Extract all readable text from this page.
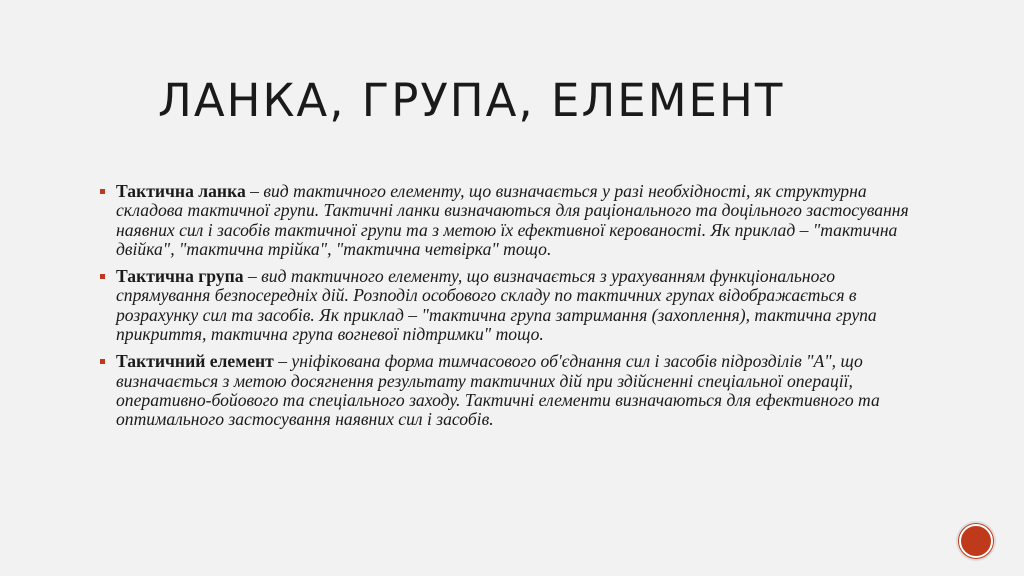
ЛАНКА, ГРУПА, ЕЛЕМЕНТ
Тактична ланка – вид тактичного елементу, що визначається у разі необхідності, як структурна складова тактичної групи. Тактичні ланки визначаються для раціонального та доцільного застосування наявних сил і засобів тактичної групи та з метою їх ефективної керованості. Як приклад – "тактична двійка", "тактична трійка", "тактична четвірка" тощо.
Тактична група – вид тактичного елементу, що визначається з урахуванням функціонального спрямування безпосередніх дій. Розподіл особового складу по тактичних групах відображається в розрахунку сил та засобів. Як приклад – "тактична група затримання (захоплення), тактична група прикриття, тактична група вогневої підтримки" тощо.
Тактичний елемент – уніфікована форма тимчасового об'єднання сил і засобів підрозділів "А", що визначається з метою досягнення результату тактичних дій при здійсненні спеціальної операції, оперативно-бойового та спеціального заходу. Тактичні елементи визначаються для ефективного та оптимального застосування наявних сил і засобів.
